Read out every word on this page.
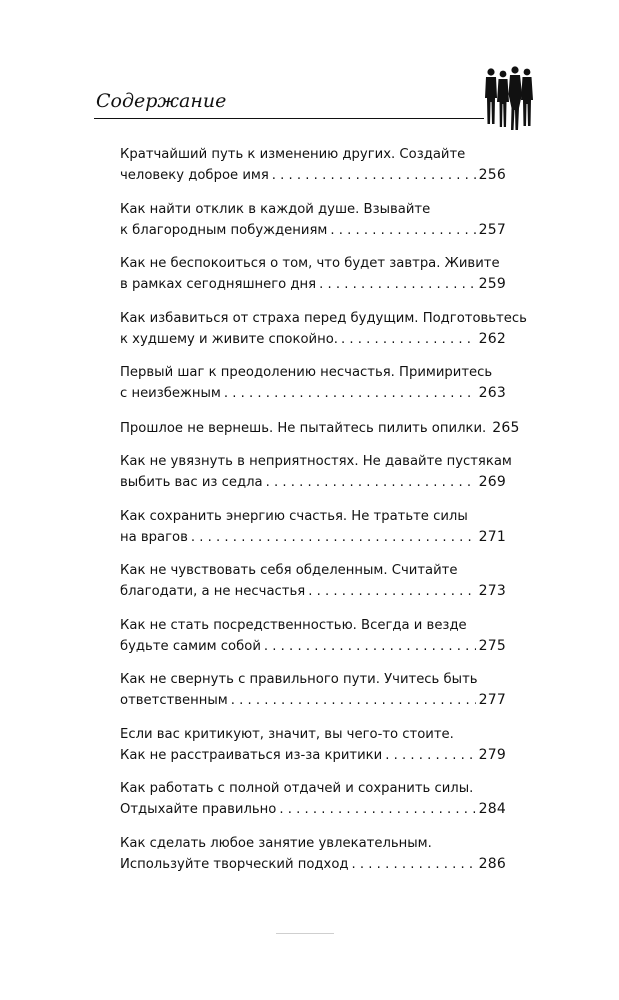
Содержание
Кратчайший путь к изменению других. Создайте
человеку доброе имя . . .	256
Как найти отклик в каждой душе. Взывайте
к благородным побуждениям . . .	257
Как не беспокоиться о том, что будет завтра. Живите
в рамках сегодняшнего дня . . .	259
Как избавиться от страха перед будущим. Подготовьтесь
к худшему и живите спокойно. . . .	262
Первый шаг к преодолению несчастья. Примиритесь
с неизбежным . . .	263
Прошлое не вернешь. Не пытайтесь пилить опилки. 265
Как не увязнуть в неприятностях. Не давайте пустякам
выбить вас из седла . . .	269
Как сохранить энергию счастья. Не тратьте силы
на врагов . . .	271
Как не чувствовать себя обделенным. Считайте
благодати, а не несчастья . . .	273
Как не стать посредственностью. Всегда и везде
будьте самим собой . . .	275
Как не свернуть с правильного пути. Учитесь быть
ответственным . . .	277
Если вас критикуют, значит, вы чего-то стоите.
Как не расстраиваться из-за критики . . .	279
Как работать с полной отдачей и сохранить силы.
Отдыхайте правильно . . .	284
Как сделать любое занятие увлекательным.
Используйте творческий подход . . .	286
